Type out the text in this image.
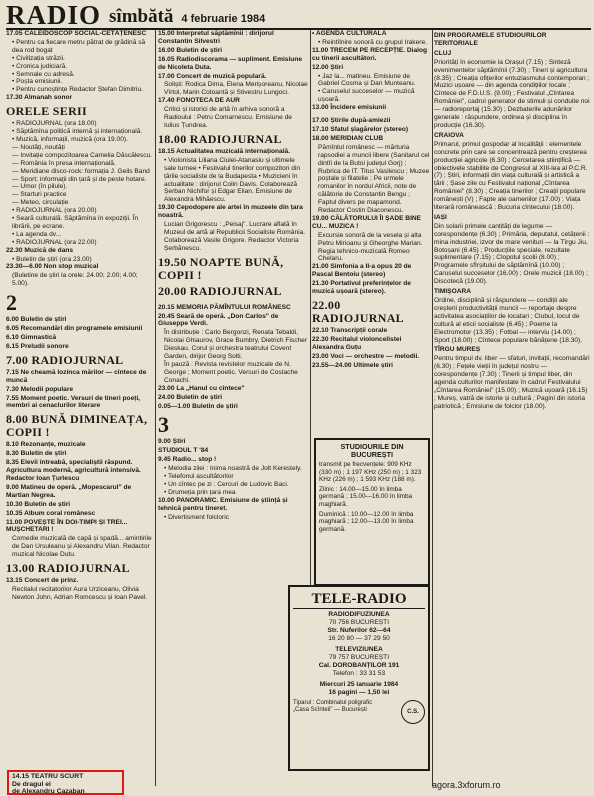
RADIO sîmbătă 4 februarie 1984
17.05 CALEIDOSCOP SOCIAL-CETĂȚENESC
• Pentru ca fiecare metru pătrat de grădină să dea rod bogat
• Civilizația străzii.
• Cronica judiciară.
• Semnale cu adresă.
• Poșta emisiunii.
• Pentru cunoștințe Redactor Ștefan Dimitriu.
17.30 Almanah sonor
ORELE SERII
• RADIOJURNAL (ora 18.00)
• Săptămîna politică internă și internațională.
• Muzică, informații, muzică (ora 19.00).
— Noutăți, noutăți
— Invitație compozitoarea Camelia Dăscălescu.
— România în presa internațională.
— Meridiane disco-rock: formația J. Geils Band
— Sport: informații din țară și de peste hotare.
— Umor (în pilule).
— Starturi practice
— Meteo, circulație
• RADIOJURNAL (ora 20.00)
• Seară culturală. Săptămîna în expoziții. În librării, pe ecrane.
• La agenda dv...
• RADIOJURNAL (ora 22.00)
22.30 Muzică de dans
• Buletin de știri (ora 23.00)
23.30—6.00 Non stop muzical
(Buletine de știri la orele: 24.00; 2.00; 4.00; 5.00).
2
6.00 Buletin de știri
6.05 Recomandări din programele emisiunii
6.10 Gimnastică
6.15 Preludii sonore
7.00 RADIOJURNAL
7.15 Ne cheamă lozinca mărilor — cîntece de muncă
7.30 Melodii populare
7.55 Moment poetic. Versuri de tineri poeți, membri ai cenaclurilor literare
8.00 BUNĂ DIMINEAȚA, COPII !
8.10 Rezonanțe, muzicale
8.30 Buletin de știri
8.35 Elevii întreabă, specialiștii răspund. Agricultura modernă, agricultură intensivă. Redactor Ioan Țurlescu
9.00 Matineu de operă. „Mopescarul" de Martian Negrea.
10.30 Buletin de știri
10.35 Album coral românesc
11.00 POVEȘTE ÎN DOI-TIMPI ȘI TREI... MUȘCHETARI !
Comedie muzicală de capă și spadă... amintirile de Dan Ursuleanu și Alexandru Vilan. Redactor muzical Nicolae Dutu.
13.00 RADIOJURNAL
13.15 Concert de prinz.
Recitalul recitatorilor Aura Urziceanu, Olivia Newton John, Adrian Romcescu și Ioan Pavel.
15.00 Interpretul săptămînii : dirijorul Constantin Silvestri
16.00 Buletin de știri
16.05 Radiodiscorama — supliment. Emisiune de Nicoleta Duta.
17.00 Concert de muzică populară.
Soliști: Rodica Dima, Elena Merișoreanu, Nicolae Vîrtol, Marin Cotoantă și Stivestru Lungoci.
17.40 FONOTECA DE AUR
Critici și istorici de artă în arhiva sonoră a Radioului : Petru Comarnescu. Emisiune de Iulius Țundrea.
18.00 RADIOJURNAL
18.15 Actualitatea muzicală internațională.
• Violonista Liliana Ciulei-Atanasiu și ultimele sale turnee • Festivalul tinerilor compozitori din țările socialiste de la Budapesta • Muzicieni în actualitate : dirijorul Colin Davis. Colaborează Șerban Nichifor și Edgar Elian. Emisiune de Alexandra Mihăescu.
19.30 Cepodopere ale artei în muzeele din țara noastră.
Lucian Grigorescu : „Peisaj". Lucrare aflată în Muzeul de artă al Republicii Socialiste România. Colaborează Vasile Grigore. Redactor Victoria Șerbănescu.
19.50 NOAPTE BUNĂ, COPII !
20.00 RADIOJURNAL
20.15 MEMORIA PĂMÎNTULUI ROMÂNESC
20.45 Seară de operă. „Don Carlos" de Giuseppe Verdi.
În distribuție : Carlo Bergonzi, Renata Tebaldi, Nicolai Ghiaurov, Grace Bumbry, Dietrich Fischer Dieskau. Corul și orchestra teatrului Covent Garden, dirijor Georg Solti.
În pauză : Revista revistelor muzicale de N. George ; Moment poetic. Versuri de Costache Conachi.
23.00 La „Hanul cu cîntece"
24.00 Buletin de știri
0.05—1.00 Buletin de știri
3
9.00 Știri
STUDIOUL T '84
9.45 Radio... stop !
• Melodia zilei : Inima noastră de Jolt Kerestely.
• Telefonul ascultătorilor
• Un cîntec pe zi : Cercuri de Ludovic Baci.
• Drumeția prin țara mea
10.00 PANORAMIC. Emisiune de știință și tehnică pentru tineret.
• Divertisment folcloric
• AGENDĂ CULTURALĂ
• Reintîlnire sonoră cu grupul Irakere.
11.00 TRECEM PE RECEPȚIE. Dialog cu tinerii ascultători.
12.00 Știri
• Jaz la... matineu. Emisiune de Gabriel Cosma și Dan Munteanu.
• Caruselul succeselor — muzică ușoară.
13.00 Încidere emisiunii
17.00 Știrile după-amiezii
17.10 Sfatul șlagărelor (stereo)
18.00 MERIDIAN CLUB
Pămîntul românesc — mărturia rapsodiei a muncii libere (Sanitarul cel dintîi de la Butoi județul Gorj) ; Rubrica de IT. Titus Vasilescu ; Muzee poștale și filatelie ; Pe urmele romanilor în nordul Africii, note de călătorie de Constantin Bengu ; Faptul divers pe mapamond. Redactor Costin Diaconescu.
19.00 CĂLĂTORULUI ÎI ȘADE BINE CU... MUZICA !
Excursie sonoră de la vesela și alta Petru Mirioanu și Gheorghe Marian. Regia tehnico-muzicală Romeo Chelaru.
21.00 Simfonia a II-a opus 20 de Pascal Bentoiu (stereo)
21.30 Portativul preferințelor de muzică ușoară (stereo).
22.00 RADIOJURNAL
22.10 Transcripții corale
22.30 Recitalul violoncelistei Alexandra Guțu
23.00 Voci — orchestre — melodii.
23.55—24.00 Ultimele știri
DIN PROGRAMELE STUDIOURILOR TERITORIALE
CLUJ
Priorități în economie la Orașul (7.15) ; Sinteză evenimentelor săptămînii (7.30) ; Tineri și agricultura (8.35) ; Creația ofițerilor entuziasmului contemporan ; Muzici ușoare — din agenda condițiilor locale ; Cîntece de F.D.U.S. (9.00) ; Festivalul „Cîntarea României", cadrul generator de stimuli și conduite noi — radioreportaj (15.30) ; Dezbaterile adunărilor generale : răspundere, ordinea și disciplina în producție (16.30).
CRAIOVA
Primarul, primul gospodar al localității : elementele concrete prin care se concentrează pentru creșterea producției agricole (6.30) ; Cercetarea științifică — obiectivele stabilite de Congresul al XIII-lea al P.C.R. (7) ; Știri, informații din viața culturală și artistică a țării ; Șase zile cu Festivalul național „Cîntarea României" (8.30) ; Creația tinerilor ; Creații populare românești (V) ; Fapte ale oamenilor (17.00) ; Viața literară românească ; Bucuria cîntecului (18.00).
IAȘI
Din solarii primele cantități de legume — corespondențe (6.30) ; Primăria, deputatul, cetățenii : mina industriei, izvor de mare venituri — la Tîrgu Jiu, Botoșani (6.45) ; Producțiile speciale, rezultate suplimentare (7.15) ; Clopotul școlii (8.00) ; Programele sfîrșitului de săptămînă (10.00) ; Caruselul succeselor (16.00) ; Orele muzicii (18.00) ; Discotecă (19.00).
TIMIȘOARA
Ordine, disciplină și răspundere — condiții ale creșterii productivității muncii — reportaje despre activitatea asociațiilor de locatari ; Clubul, locul de cultură al eticii socialiste (6.45) ; Poeme la Electromotor (13.35) ; Fotbal — interviu (14.00) ; Sport (18.00) ; Cîntece populare bănățene (18.30).
TÎRGU MUREȘ
Pentru timpul dv. liber — sfaturi, invitații, recomandări (6.30) ; Fețele vieții în județul nostru — corespondențe (7.30) ; Tinerii și timpul liber, din agenda culturilor manifestate în cadrul Festivalului „Cîntarea României" (15.00) ; Muzică ușoară (16.15) ; Mureș, vatră de istorie și cultură ; Pagini din istoria patriotică ; Emisiune de folclor (18.00).
STUDIOURILE DIN BUCUREȘTI
transmit pe frecvențele: 909 KHz (330 m) ; 1 197 KHz (250 m) ; 1 323 KHz (226 m) ; 1 593 KHz (188 m).
Zilnic : 14.00—15.00 în limba germană ; 15.00—16.00 în limba maghiară.
Duminică : 10.00—12.00 în limba maghiară ; 12.00—13.00 în limba germană.
TELE-RADIO
RADIODIFUZIUNEA
70 756 BUCUREȘTI
Str. Nuferilor 62—64
16 20 80 — 37 29 50
TELEVIZIUNEA
79 757 BUCUREȘTI
Cal. DOROBANȚILOR 191
Telefon : 33 31 53
Miercuri 25 ianuarie 1984
16 pagini — 1,50 lei
Tiparul : Combinatul poligrafic „Casa Scînteii" — București	C.S.
14.15 TEATRU SCURT
De dragul ei
de Alexandru Cazaban
agora.3xforum.ro
